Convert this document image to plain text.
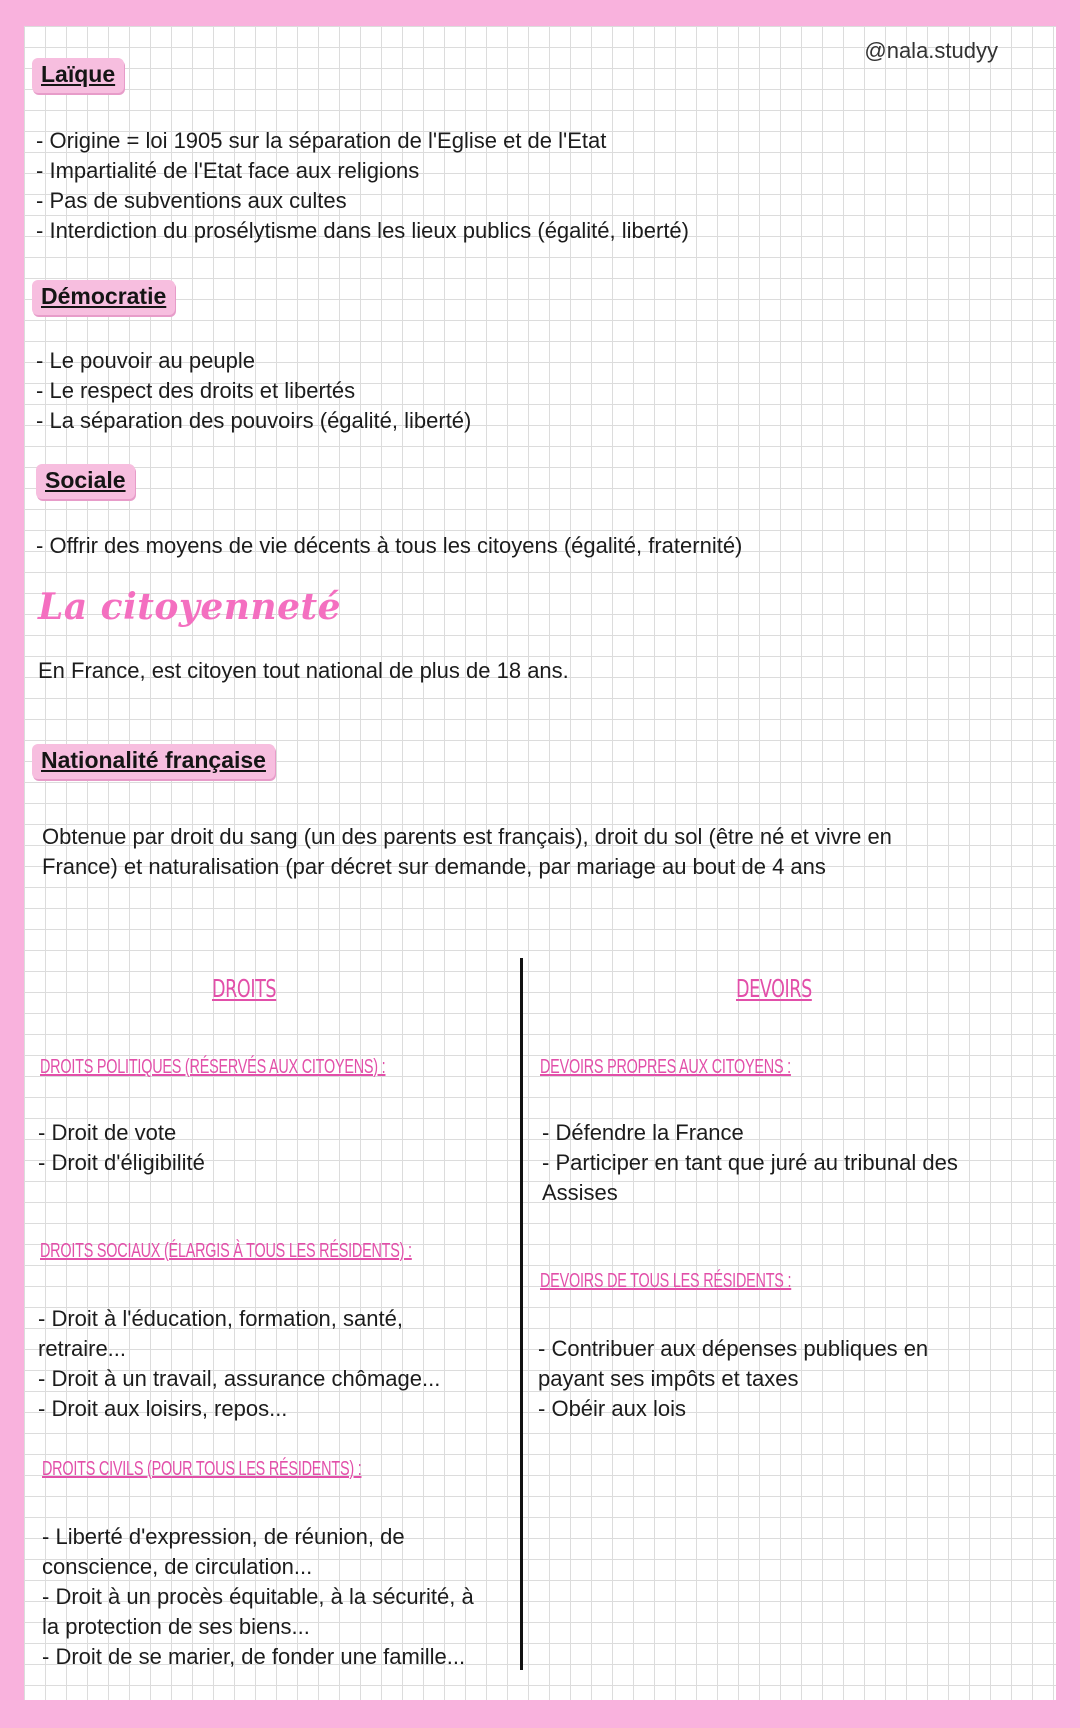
@nala.studyy
Laïque
- Origine = loi 1905 sur la séparation de l'Eglise et de l'Etat
- Impartialité de l'Etat face aux religions
- Pas de subventions aux cultes
- Interdiction du prosélytisme dans les lieux publics (égalité, liberté)
Démocratie
- Le pouvoir au peuple
- Le respect des droits et libertés
- La séparation des pouvoirs (égalité, liberté)
Sociale
- Offrir des moyens de vie décents à tous les citoyens (égalité, fraternité)
La citoyenneté
En France, est citoyen tout national de plus de 18 ans.
Nationalité française
Obtenue par droit du sang (un des parents est français), droit du sol (être né et vivre en
France) et naturalisation (par décret sur demande, par mariage au bout de 4 ans
DROITS
DROITS POLITIQUES (RÉSERVÉS AUX CITOYENS) :
- Droit de vote
- Droit d'éligibilité
DROITS SOCIAUX (ÉLARGIS À TOUS LES RÉSIDENTS) :
- Droit à l'éducation, formation, santé, retraire...
- Droit à un travail, assurance chômage...
- Droit aux loisirs, repos...
DROITS CIVILS (POUR TOUS LES RÉSIDENTS) :
- Liberté d'expression, de réunion, de conscience, de circulation...
- Droit à un procès équitable, à la sécurité, à la protection de ses biens...
- Droit de se marier, de fonder une famille...
DEVOIRS
DEVOIRS PROPRES AUX CITOYENS :
- Défendre la France
- Participer en tant que juré au tribunal des Assises
DEVOIRS DE TOUS LES RÉSIDENTS :
- Contribuer aux dépenses publiques en payant ses impôts et taxes
- Obéir aux lois
